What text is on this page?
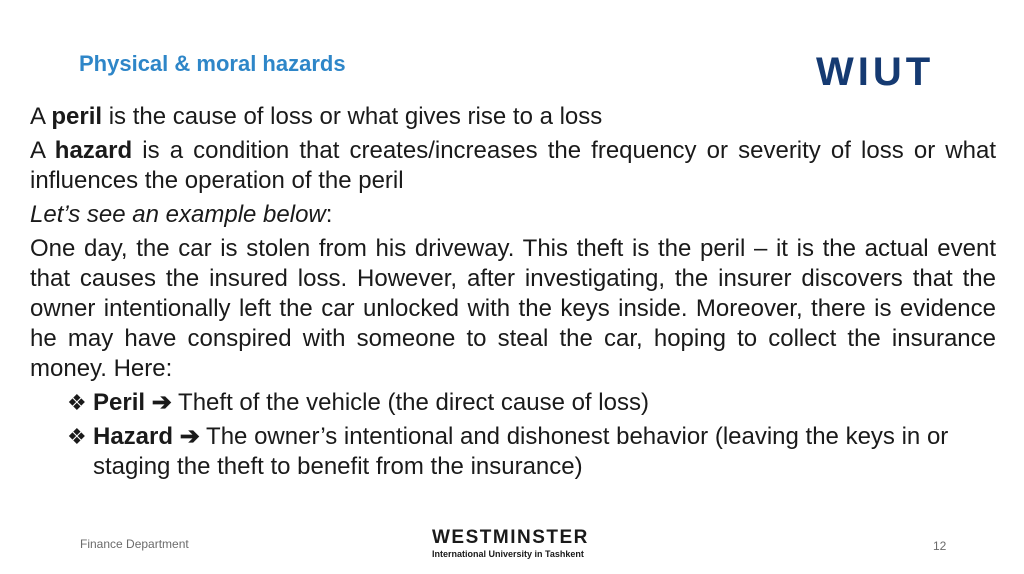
Physical & moral hazards	WIUT

A peril is the cause of loss or what gives rise to a loss

A hazard is a condition that creates/increases the frequency or severity of loss or what influences the operation of the peril

Let’s see an example below:

One day, the car is stolen from his driveway. This theft is the peril – it is the actual event that causes the insured loss. However, after investigating, the insurer discovers that the owner intentionally left the car unlocked with the keys inside. Moreover, there is evidence he may have conspired with someone to steal the car, hoping to collect the insurance money. Here:

❖ Peril ➔ Theft of the vehicle (the direct cause of loss)

❖ Hazard ➔ The owner’s intentional and dishonest behavior (leaving the keys in or staging the theft to benefit from the insurance)

Finance Department	WESTMINSTER
International University in Tashkent
12
